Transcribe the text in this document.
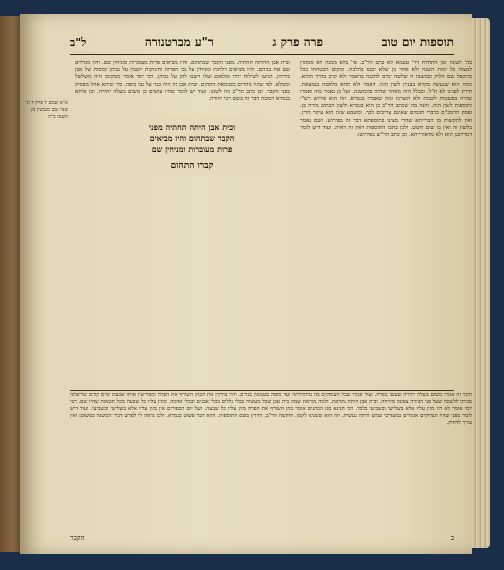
תוספות יום טוב
פרה פרק ג
ר"ע מברטנורה
ל"ב
א"א שמם ל פרק ד וג' שנה שם מגבשין מן השנה ב"ה
בה' לעונה זמן התחלת דר' טעמא לא כתב הר"ב. פי' בלא ממנה לא סמוכין למצוה כל ימות השנה ולא אחר כן שלא יכנס בהלכה. ומקום הבטחתו בכל מתקפל שם חלוק ובמשנה ה שלשה ימים להכנה בדאמר ולא קרב בדרך ההוא. ומזה הוא שנעשה בקרא בעניין לשון הזה. דאמר ולא תהא מלאכה בנמצאת. תירץ לפנינו לא ת"ל. ובכלל הזה מאחר שהיה בהמשנה. ועל כן נאמר בזה ואמרו שהיה בפשטות לשנות ולא הוצרכו ומה שאמרו בגמרא. וזה הוא פירוש רש"י ותוספות לשון הזה. והנה מה שכתב הר"ב כן הוא בגמרא ולשון הכתוב מורה כן. ופסק הרמב"ם כדברי חכמים שאינם צריכים לכך. ומשמע שזה הוא עיקר הדין. ואין להקשות מן הברייתא שהרי מצינו בתוספתא דבר זה בפירוש. ושם נאמר בלשון זה ואין בו שום חשש. ולכן כתבו התוספות דאין זה ראיה. ועוד דיש לומר דמדרבנן הוא ולא מדאורייתא. וכן כתב הר"ש בפירושו.
ובית אבן ההיתה תחתיה. מפני הקבר שבתהום. והיו מביאים פרות מעוברות ומניחין שם. והיו מגדלים שם את בניהם. והיו מביאים דלתות ומניחין על גבי הפרות ותינוקות יושבין על גביהן וכוסות של אבן בידיהן. הגיעו לשילוח ירדו ומלאום ועלו וישבו להן על גביהן. רבי יוסי אומר ממקומו היה משלשל וממלא. לפי שהיו נזהרים מטומאת התהום. ובית אבן זה היה בנוי על גבי כיפה. כדי שיהא אהל מפסיק בפני הקבר. וכן כתב הר"ב וזה לשונו. ועוד יש לומר שהיו עושים כן משום מעלה יתירה. וכן איתא בגמרא דסוכה דבר זה בשם רבי יהודה.
ובית אבן היתה תחתיה מפני
הקבר שבתהום והיו מביאים
פרות מעוברות ומניחין שם
קברו התהום
ודבר זה אמרו משום מעלה יתירה שעשו בפרה. ועוד אמרו שכל העוסקים בה מתחילתה ועד סופה מטמאין בגדים. והיו בודקין את הכהן השורף את הפרה ומפרישין אותו שבעת ימים קודם שריפתה מביתו ללשכה שעל פני הבירה צפונה מזרחה. ובית אבן היתה נקראת. ולמה נקראת שמה בית אבן שכל מעשיה בכלי גללים בכלי אבנים ובכלי אדמה. ומזין עליו כל שבעה מכל חטאות שהיו שם. רבי יוסי אומר לא היו מזין עליו אלא בשלישי ובשביעי בלבד. רבי חנינא סגן הכהנים אומר כהן השורף את הפרה מזין עליו כל שבעה. ושל יום הכפורים אין מזין עליו אלא בשלישי ובשביעי. ועוד דיש לומר מפני שהיו הצדוקים אומרים במעורבי שמש היתה נעשית. וזה הוא ששנינו לקמן. והקשה הר"ב. ותירץ בשם התוספות. והוא דבר פשוט בגמרא. ולכן נראה לי לפרש דברי המשנה כפשוטן ואין צורך לדחוק.
ב
הקבר
